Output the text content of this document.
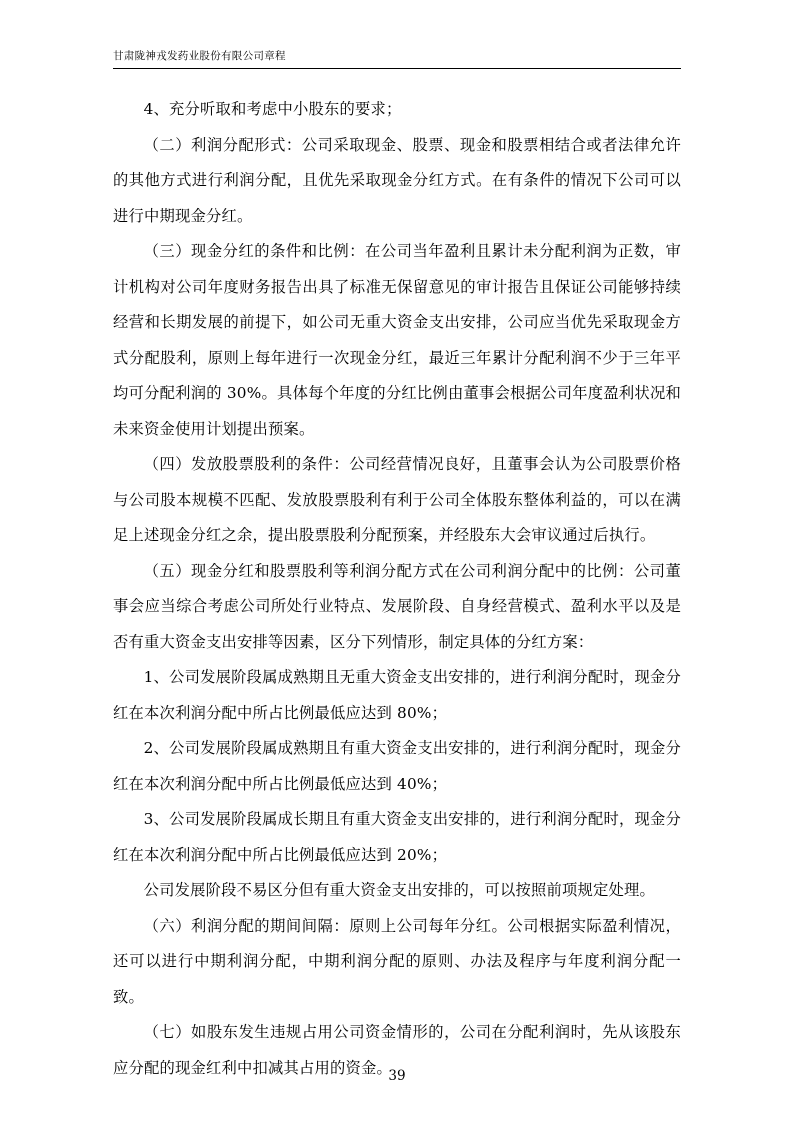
甘肃陇神戎发药业股份有限公司章程

4、充分听取和考虑中小股东的要求；

（二）利润分配形式：公司采取现金、股票、现金和股票相结合或者法律允许的其他方式进行利润分配，且优先采取现金分红方式。在有条件的情况下公司可以进行中期现金分红。

（三）现金分红的条件和比例：在公司当年盈利且累计未分配利润为正数，审计机构对公司年度财务报告出具了标准无保留意见的审计报告且保证公司能够持续经营和长期发展的前提下，如公司无重大资金支出安排，公司应当优先采取现金方式分配股利，原则上每年进行一次现金分红，最近三年累计分配利润不少于三年平均可分配利润的 30%。具体每个年度的分红比例由董事会根据公司年度盈利状况和未来资金使用计划提出预案。

（四）发放股票股利的条件：公司经营情况良好，且董事会认为公司股票价格与公司股本规模不匹配、发放股票股利有利于公司全体股东整体利益的，可以在满足上述现金分红之余，提出股票股利分配预案，并经股东大会审议通过后执行。

（五）现金分红和股票股利等利润分配方式在公司利润分配中的比例：公司董事会应当综合考虑公司所处行业特点、发展阶段、自身经营模式、盈利水平以及是否有重大资金支出安排等因素，区分下列情形，制定具体的分红方案：

1、公司发展阶段属成熟期且无重大资金支出安排的，进行利润分配时，现金分红在本次利润分配中所占比例最低应达到 80%；

2、公司发展阶段属成熟期且有重大资金支出安排的，进行利润分配时，现金分红在本次利润分配中所占比例最低应达到 40%；

3、公司发展阶段属成长期且有重大资金支出安排的，进行利润分配时，现金分红在本次利润分配中所占比例最低应达到 20%；

公司发展阶段不易区分但有重大资金支出安排的，可以按照前项规定处理。

（六）利润分配的期间间隔：原则上公司每年分红。公司根据实际盈利情况，还可以进行中期利润分配，中期利润分配的原则、办法及程序与年度利润分配一致。

（七）如股东发生违规占用公司资金情形的，公司在分配利润时，先从该股东应分配的现金红利中扣减其占用的资金。

39
